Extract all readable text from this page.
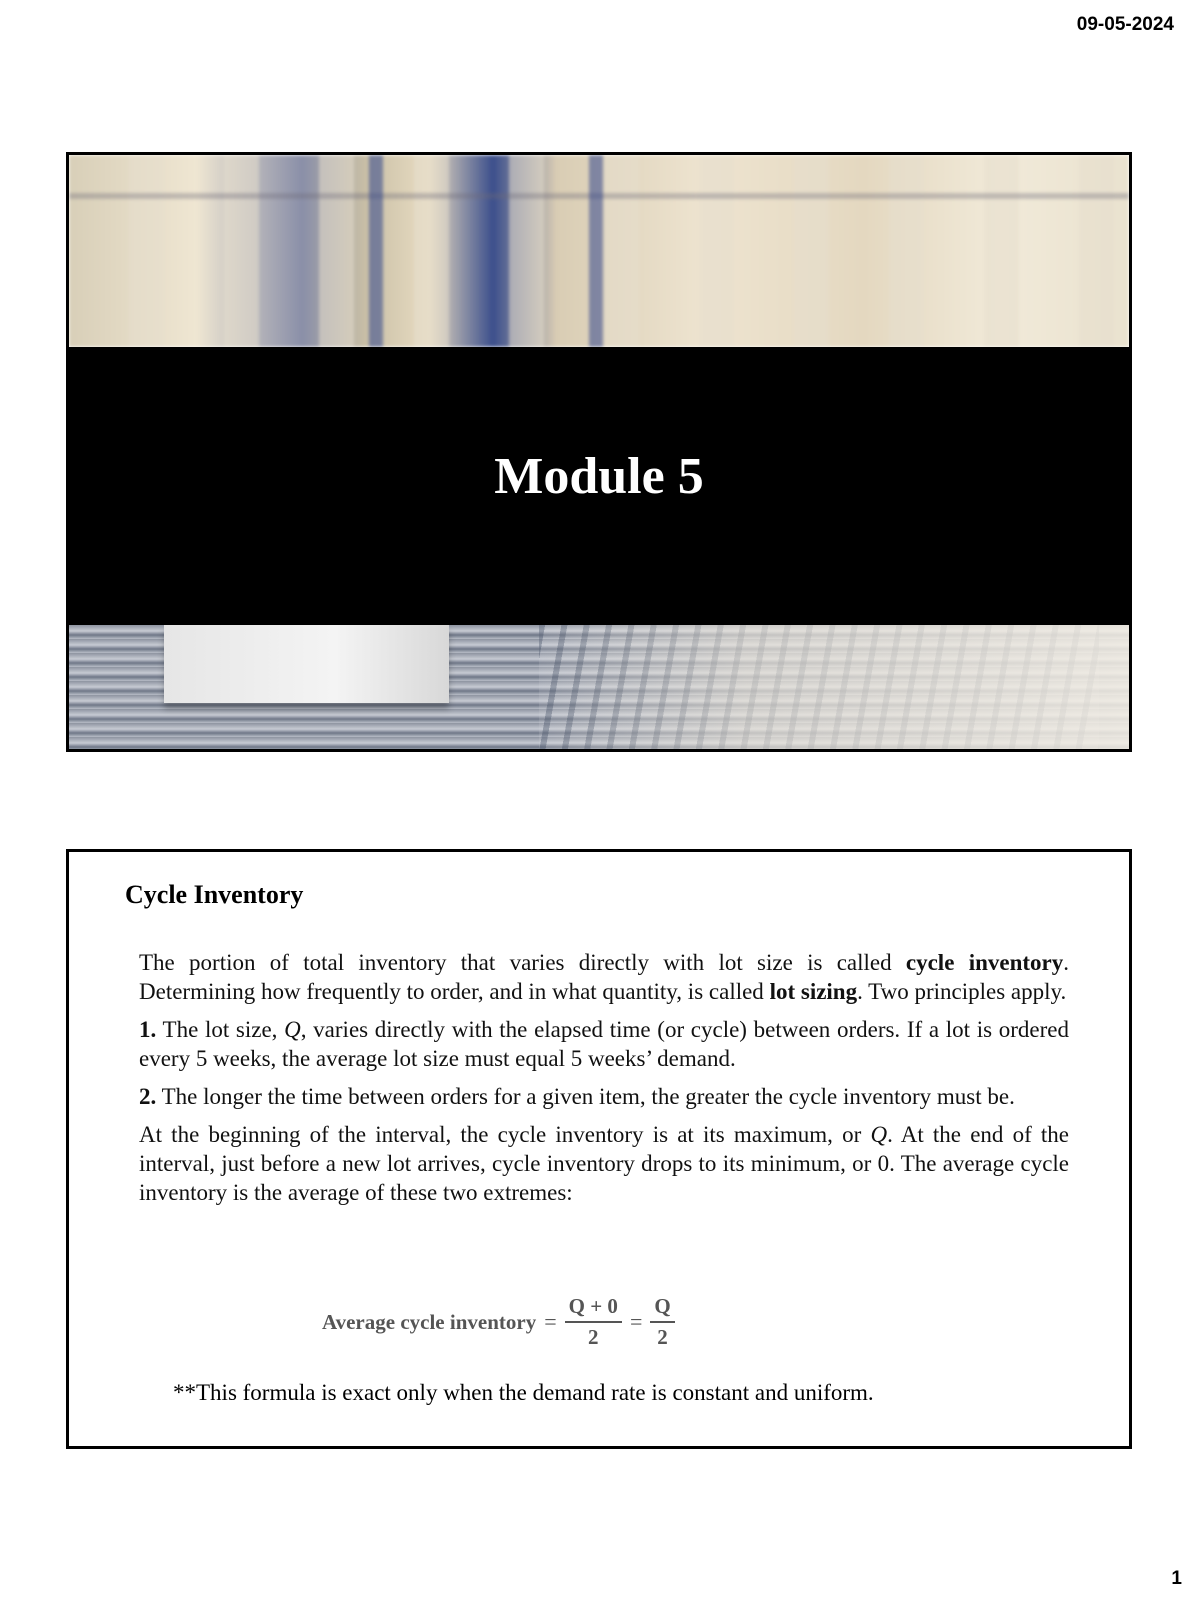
09-05-2024
Module 5
Cycle Inventory

The portion of total inventory that varies directly with lot size is called cycle inventory. Determining how frequently to order, and in what quantity, is called lot sizing. Two principles apply.

1. The lot size, Q, varies directly with the elapsed time (or cycle) between orders. If a lot is ordered every 5 weeks, the average lot size must equal 5 weeks’ demand.

2. The longer the time between orders for a given item, the greater the cycle inventory must be.

At the beginning of the interval, the cycle inventory is at its maximum, or Q. At the end of the interval, just before a new lot arrives, cycle inventory drops to its minimum, or 0. The average cycle inventory is the average of these two extremes:

Average cycle inventory = $\frac{Q + 0}{2} = \frac{Q}{2}$
**This formula is exact only when the demand rate is constant and uniform.
1
